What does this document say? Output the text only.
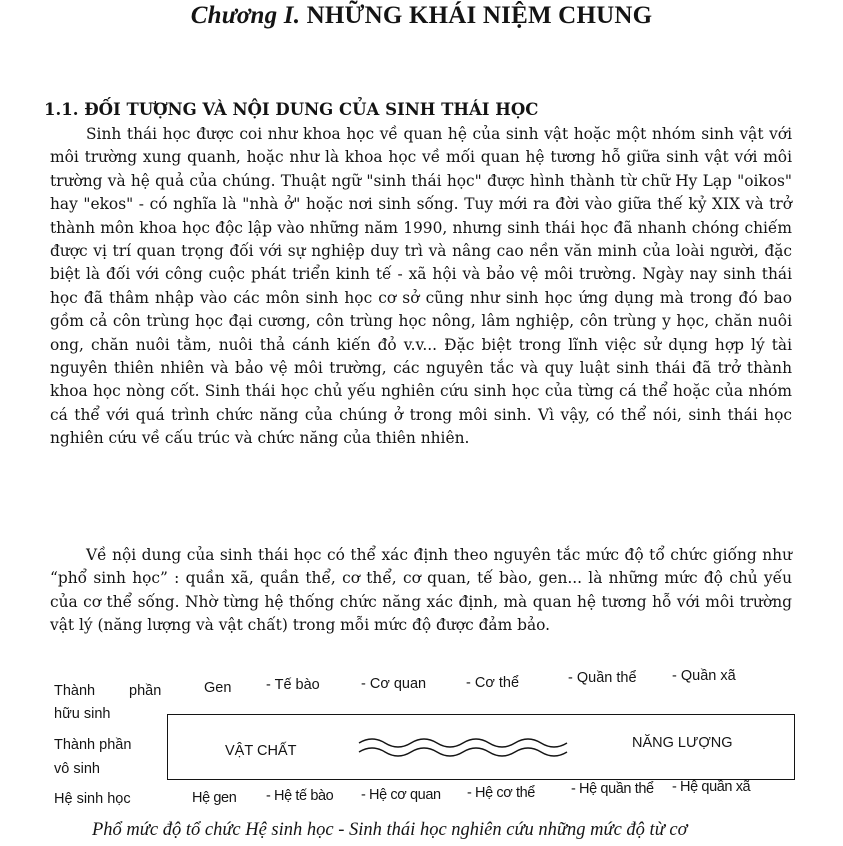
Chương I. NHỮNG KHÁI NIỆM CHUNG
1.1. ĐỐI TƯỢNG VÀ NỘI DUNG CỦA SINH THÁI HỌC

Sinh thái học được coi như khoa học về quan hệ của sinh vật hoặc một nhóm sinh vật với môi trường xung quanh, hoặc như là khoa học về mối quan hệ tương hỗ giữa sinh vật với môi trường và hệ quả của chúng. Thuật ngữ "sinh thái học" được hình thành từ chữ Hy Lạp "oikos" hay "ekos" - có nghĩa là "nhà ở" hoặc nơi sinh sống. Tuy mới ra đời vào giữa thế kỷ XIX và trở thành môn khoa học độc lập vào những năm 1990, nhưng sinh thái học đã nhanh chóng chiếm được vị trí quan trọng đối với sự nghiệp duy trì và nâng cao nền văn minh của loài người, đặc biệt là đối với công cuộc phát triển kinh tế - xã hội và bảo vệ môi trường. Ngày nay sinh thái học đã thâm nhập vào các môn sinh học cơ sở cũng như sinh học ứng dụng mà trong đó bao gồm cả côn trùng học đại cương, côn trùng học nông, lâm nghiệp, côn trùng y học, chăn nuôi ong, chăn nuôi tằm, nuôi thả cánh kiến đỏ v.v... Đặc biệt trong lĩnh việc sử dụng hợp lý tài nguyên thiên nhiên và bảo vệ môi trường, các nguyên tắc và quy luật sinh thái đã trở thành khoa học nòng cốt. Sinh thái học chủ yếu nghiên cứu sinh học của từng cá thể hoặc của nhóm cá thể với quá trình chức năng của chúng ở trong môi sinh. Vì vậy, có thể nói, sinh thái học nghiên cứu về cấu trúc và chức năng của thiên nhiên.

Về nội dung của sinh thái học có thể xác định theo nguyên tắc mức độ tổ chức giống như “phổ sinh học” : quần xã, quần thể, cơ thể, cơ quan, tế bào, gen... là những mức độ chủ yếu của cơ thể sống. Nhờ từng hệ thống chức năng xác định, mà quan hệ tương hỗ với môi trường vật lý (năng lượng và vật chất) trong mỗi mức độ được đảm bảo.

Thành phần
hữu sinh
Gen - Tế bào	- Cơ quan	- Cơ thể	- Quần thể - Quần xã
Thành phần
vô sinh
VẬT CHẤT	NĂNG LƯỢNG
Hệ sinh học	Hệ gen - Hệ tế bào - Hệ cơ quan - Hệ cơ thể - Hệ quần thể - Hệ quần xã
Phổ mức độ tổ chức Hệ sinh học - Sinh thái học nghiên cứu những mức độ từ cơ
